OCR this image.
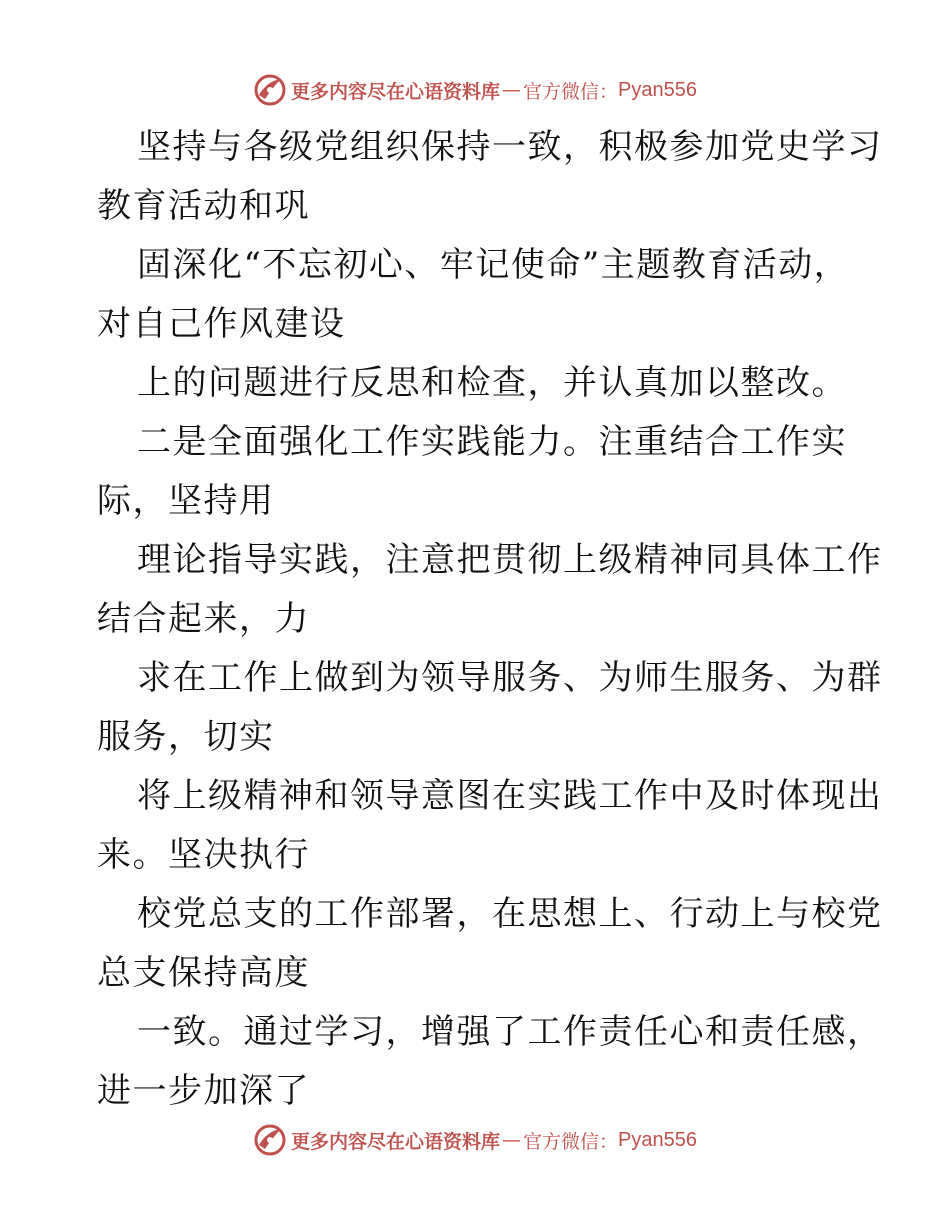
更多内容尽在心语资料库 — 官方微信： Pyan556
坚持与各级党组织保持一致，积极参加党史学习
教育活动和巩
固深化“不忘初心、牢记使命”主题教育活动，
对自己作风建设
上的问题进行反思和检查，并认真加以整改。
二是全面强化工作实践能力。注重结合工作实
际，坚持用
理论指导实践，注意把贯彻上级精神同具体工作
结合起来，力
求在工作上做到为领导服务、为师生服务、为群
服务，切实
将上级精神和领导意图在实践工作中及时体现出
来。坚决执行
校党总支的工作部署，在思想上、行动上与校党
总支保持高度
一致。通过学习，增强了工作责任心和责任感，
进一步加深了
更多内容尽在心语资料库 — 官方微信： Pyan556
